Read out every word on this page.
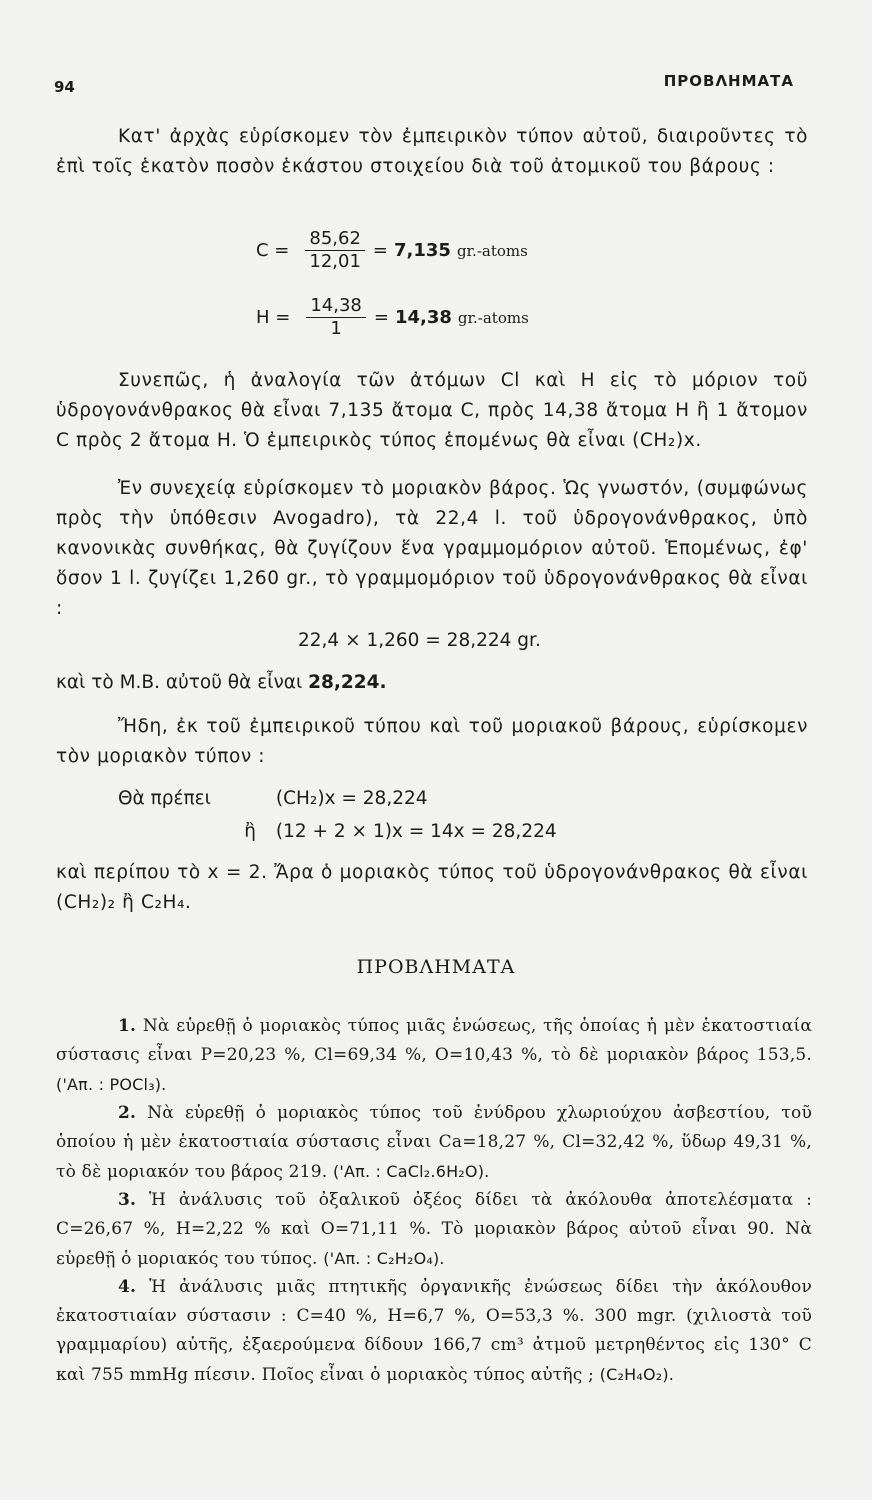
94	ΠΡΟΒΛΗΜΑΤΑ

Κατ' ἀρχὰς εὑρίσκομεν τὸν ἐμπειρικὸν τύπον αὐτοῦ, διαιροῦντες τὸ ἐπὶ τοῖς ἑκατὸν ποσὸν ἑκάστου στοιχείου διὰ τοῦ ἀτομικοῦ του βάρους :

$C = \frac{85,62}{12,01} = 7,135$ gr.-atoms
$H = \frac{14,38}{1} = 14,38$ gr.-atoms

Συνεπῶς, ἡ ἀναλογία τῶν ἀτόμων Cl καὶ H εἰς τὸ μόριον τοῦ ὑδρογονάνθρακος θὰ εἶναι 7,135 ἄτομα C, πρὸς 14,38 ἄτομα H ἢ 1 ἄτομον C πρὸς 2 ἄτομα H. Ὁ ἐμπειρικὸς τύπος ἑπομένως θὰ εἶναι (CH₂)x.

Ἐν συνεχείᾳ εὑρίσκομεν τὸ μοριακὸν βάρος. Ὡς γνωστόν, (συμφώνως πρὸς τὴν ὑπόθεσιν Avogadro), τὰ 22,4 l. τοῦ ὑδρογονάνθρακος, ὑπὸ κανονικὰς συνθήκας, θὰ ζυγίζουν ἕνα γραμμομόριον αὐτοῦ. Ἑπομένως, ἐφ' ὅσον 1 l. ζυγίζει 1,260 gr., τὸ γραμμομόριον τοῦ ὑδρογονάνθρακος θὰ εἶναι :

22,4 × 1,260 = 28,224 gr.
καὶ τὸ Μ.Β. αὐτοῦ θὰ εἶναι 28,224.

Ἤδη, ἐκ τοῦ ἐμπειρικοῦ τύπου καὶ τοῦ μοριακοῦ βάρους, εὑρίσκομεν τὸν μοριακὸν τύπον :

Θὰ πρέπει	(CH₂)x = 28,224
ἢ (12 + 2 × 1)x = 14x = 28,224

καὶ περίπου τὸ x = 2. Ἄρα ὁ μοριακὸς τύπος τοῦ ὑδρογονάνθρακος θὰ εἶναι (CH₂)₂ ἢ C₂H₄.

ΠΡΟΒΛΗΜΑΤΑ

1. Νὰ εὑρεθῇ ὁ μοριακὸς τύπος μιᾶς ἐνώσεως, τῆς ὁποίας ἡ μὲν ἑκατοστιαία σύστασις εἶναι P=20,23 %, Cl=69,34 %, O=10,43 %, τὸ δὲ μοριακὸν βάρος 153,5. ('Απ. : POCl₃).

2. Νὰ εὑρεθῇ ὁ μοριακὸς τύπος τοῦ ἐνύδρου χλωριούχου ἀσβεστίου, τοῦ ὁποίου ἡ μὲν ἑκατοστιαία σύστασις εἶναι Ca=18,27 %, Cl=32,42 %, ὕδωρ 49,31 %, τὸ δὲ μοριακόν του βάρος 219. ('Απ. : CaCl₂.6H₂O).

3. Ἡ ἀνάλυσις τοῦ ὀξαλικοῦ ὀξέος δίδει τὰ ἀκόλουθα ἀποτελέσματα : C=26,67 %, H=2,22 % καὶ O=71,11 %. Τὸ μοριακὸν βάρος αὐτοῦ εἶναι 90. Νὰ εὑρεθῇ ὁ μοριακός του τύπος. ('Απ. : C₂H₂O₄).

4. Ἡ ἀνάλυσις μιᾶς πτητικῆς ὀργανικῆς ἐνώσεως δίδει τὴν ἀκόλουθον ἑκατοστιαίαν σύστασιν : C=40 %, H=6,7 %, O=53,3 %. 300 mgr. (χιλιοστὰ τοῦ γραμμαρίου) αὐτῆς, ἐξαερούμενα δίδουν 166,7 cm³ ἀτμοῦ μετρηθέντος εἰς 130° C καὶ 755 mmHg πίεσιν. Ποῖος εἶναι ὁ μοριακὸς τύπος αὐτῆς ; (C₂H₄O₂).
